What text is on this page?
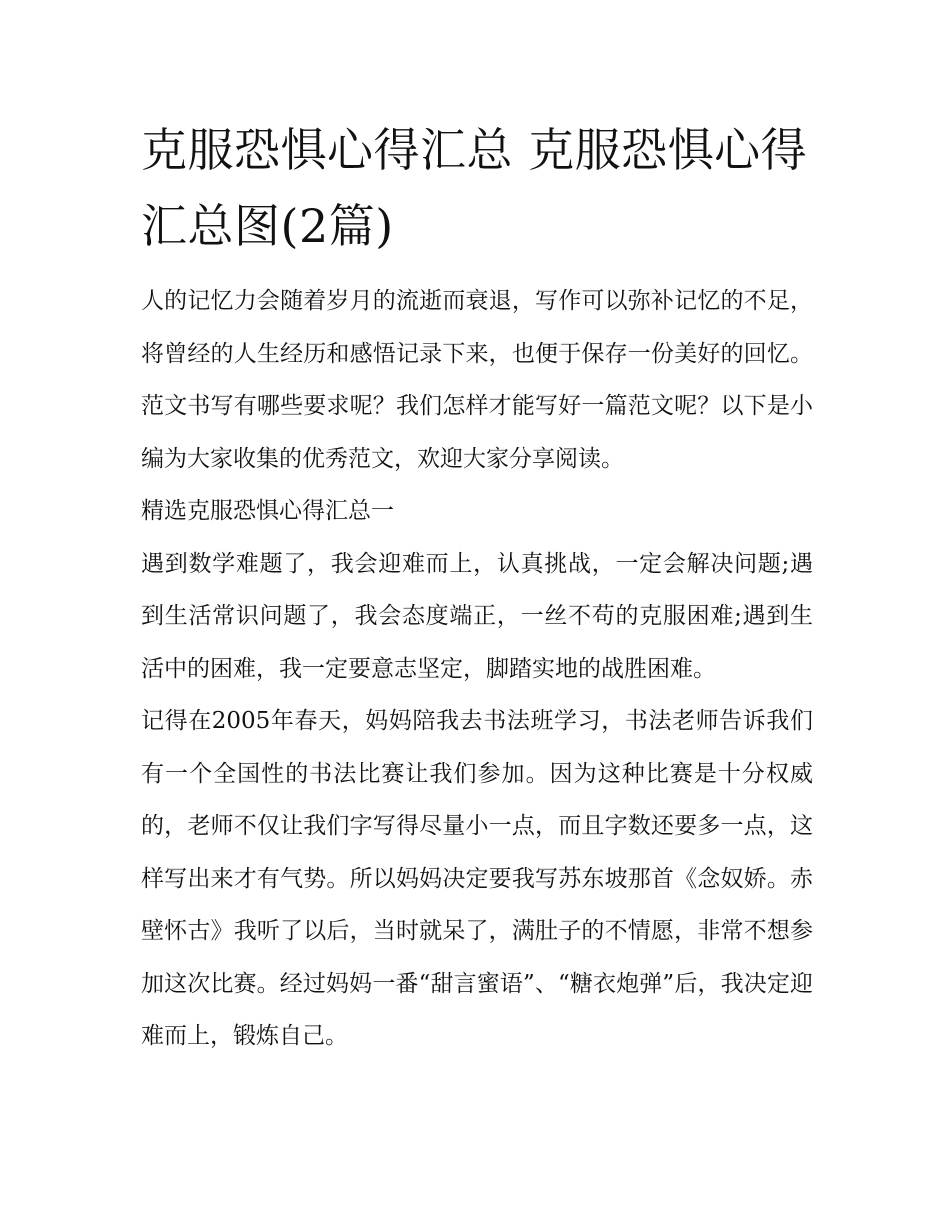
克服恐惧心得汇总 克服恐惧心得汇总图(2篇)

人的记忆力会随着岁月的流逝而衰退，写作可以弥补记忆的不足，将曾经的人生经历和感悟记录下来，也便于保存一份美好的回忆。范文书写有哪些要求呢？我们怎样才能写好一篇范文呢？以下是小编为大家收集的优秀范文，欢迎大家分享阅读。

精选克服恐惧心得汇总一

遇到数学难题了，我会迎难而上，认真挑战，一定会解决问题;遇到生活常识问题了，我会态度端正，一丝不苟的克服困难;遇到生活中的困难，我一定要意志坚定，脚踏实地的战胜困难。

记得在2005年春天，妈妈陪我去书法班学习，书法老师告诉我们有一个全国性的书法比赛让我们参加。因为这种比赛是十分权威的，老师不仅让我们字写得尽量小一点，而且字数还要多一点，这样写出来才有气势。所以妈妈决定要我写苏东坡那首《念奴娇。赤壁怀古》我听了以后，当时就呆了，满肚子的不情愿，非常不想参加这次比赛。经过妈妈一番“甜言蜜语”、“糖衣炮弹”后，我决定迎难而上，锻炼自己。
